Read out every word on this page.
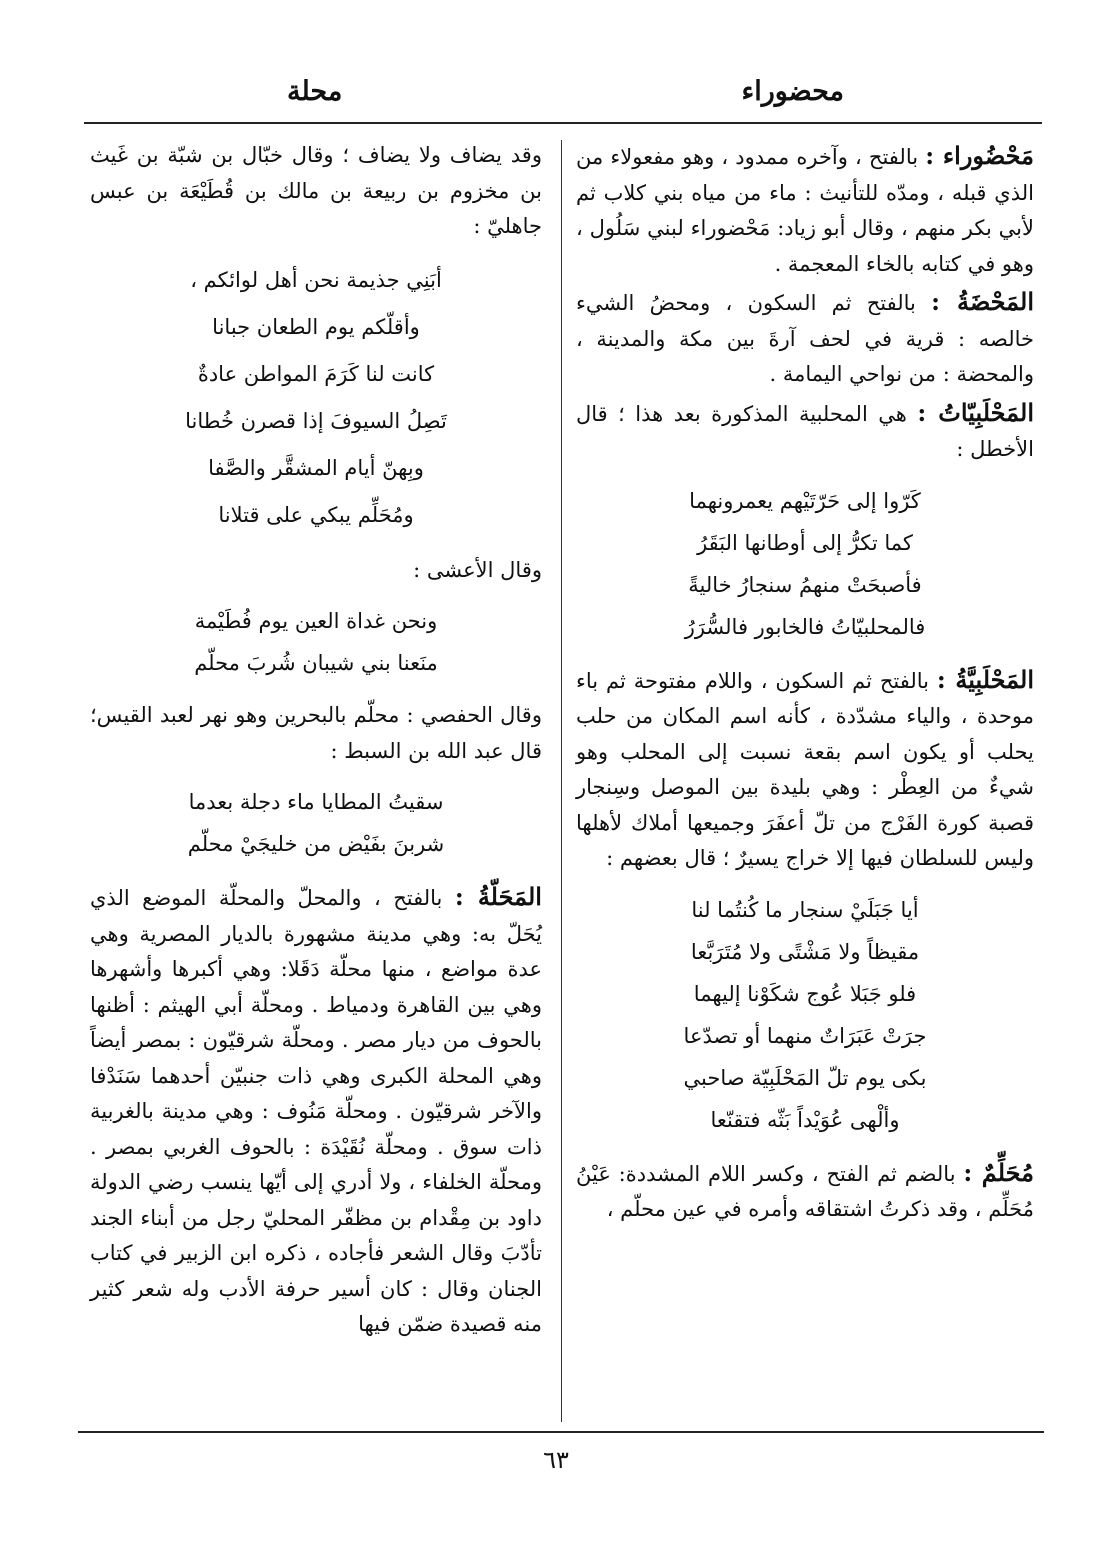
محضوراء
محلة

مَحْضُوراء : بالفتح ، وآخره ممدود ، وهو مفعولاء من الذي قبله ، ومدّه للتأنيث : ماء من مياه بني كلاب ثم لأبي بكر منهم ، وقال أبو زياد: مَحْضوراء لبني سَلُول ، وهو في كتابه بالخاء المعجمة .

المَحْضَةُ : بالفتح ثم السكون ، ومحضُ الشيء خالصه : قرية في لحف آرةَ بين مكة والمدينة ، والمحضة : من نواحي اليمامة .

المَحْلَبِيّاتُ : هي المحلبية المذكورة بعد هذا ؛ قال الأخطل :

كَرّوا إلى حَرّتَيْهم يعمرونهما
كما تكرُّ إلى أوطانها البَقَرُ
فأصبحَتْ منهمُ سنجارُ خاليةً
فالمحلبيّاتُ فالخابور فالسُّرَرُ

المَحْلَبِيَّةُ : بالفتح ثم السكون ، واللام مفتوحة ثم باء موحدة ، والياء مشدّدة ، كأنه اسم المكان من حلب يحلب أو يكون اسم بقعة نسبت إلى المحلب وهو شيءٌ من العِطْر : وهي بليدة بين الموصل وسِنجار قصبة كورة الفَرْج من تلّ أعفَرَ وجميعها أملاك لأهلها وليس للسلطان فيها إلا خراج يسيرٌ ؛ قال بعضهم :

أيا جَبَلَيْ سنجار ما كُنتُما لنا
مقيظاً ولا مَشْتًى ولا مُتَرَبَّعا
فلو جَبَلا عُوج شكَوْنا إليهما
جرَتْ عَبَرَاتٌ منهما أو تصدّعا
بكى يوم تلّ المَحْلَبِيّة صاحبي
وألْهى عُوَيْداً بَثّه فتقنّعا

مُحَلِّمٌ : بالضم ثم الفتح ، وكسر اللام المشددة: عَيْنُ مُحَلِّم ، وقد ذكرتُ اشتقاقه وأمره في عين محلّم ،

وقد يضاف ولا يضاف ؛ وقال خبّال بن شبّة بن غَيث بن مخزوم بن ربيعة بن مالك بن قُطَيْعَة بن عبس جاهليّ :

أبَنِي جذيمة نحن أهل لوائكم ،
وأقلّكم يوم الطعان جبانا
كانت لنا كَرَمَ المواطن عادةٌ
تَصِلُ السيوفَ إذا قصرن خُطانا
وبِهنّ أيام المشقَّر والصَّفا
ومُحَلِّم يبكي على قتلانا

وقال الأعشى :

ونحن غداة العين يوم فُطَيْمة
منَعنا بني شيبان شُربَ محلّم

وقال الحفصي : محلّم بالبحرين وهو نهر لعبد القيس؛ قال عبد الله بن السبط :

سقيتُ المطايا ماء دجلة بعدما
شربنَ بفَيْض من خليجَيْ محلّم

المَحَلّةُ : بالفتح ، والمحلّ والمحلّة الموضع الذي يُحَلّ به: وهي مدينة مشهورة بالديار المصرية وهي عدة مواضع ، منها محلّة دَقَلا: وهي أكبرها وأشهرها وهي بين القاهرة ودمياط . ومحلّة أبي الهيثم : أظنها بالحوف من ديار مصر . ومحلّة شرقيّون : بمصر أيضاً وهي المحلة الكبرى وهي ذات جنبيّن أحدهما سَنَدْفا والآخر شرقيّون . ومحلّة مَنُوف : وهي مدينة بالغربية ذات سوق . ومحلّة نُقَيْدَة : بالحوف الغربي بمصر . ومحلّة الخلفاء ، ولا أدري إلى أيّها ينسب رضي الدولة داود بن مِقْدام بن مظفّر المحليّ رجل من أبناء الجند تأدّبَ وقال الشعر فأجاده ، ذكره ابن الزبير في كتاب الجنان وقال : كان أسير حرفة الأدب وله شعر كثير منه قصيدة ضمّن فيها

٦٣
